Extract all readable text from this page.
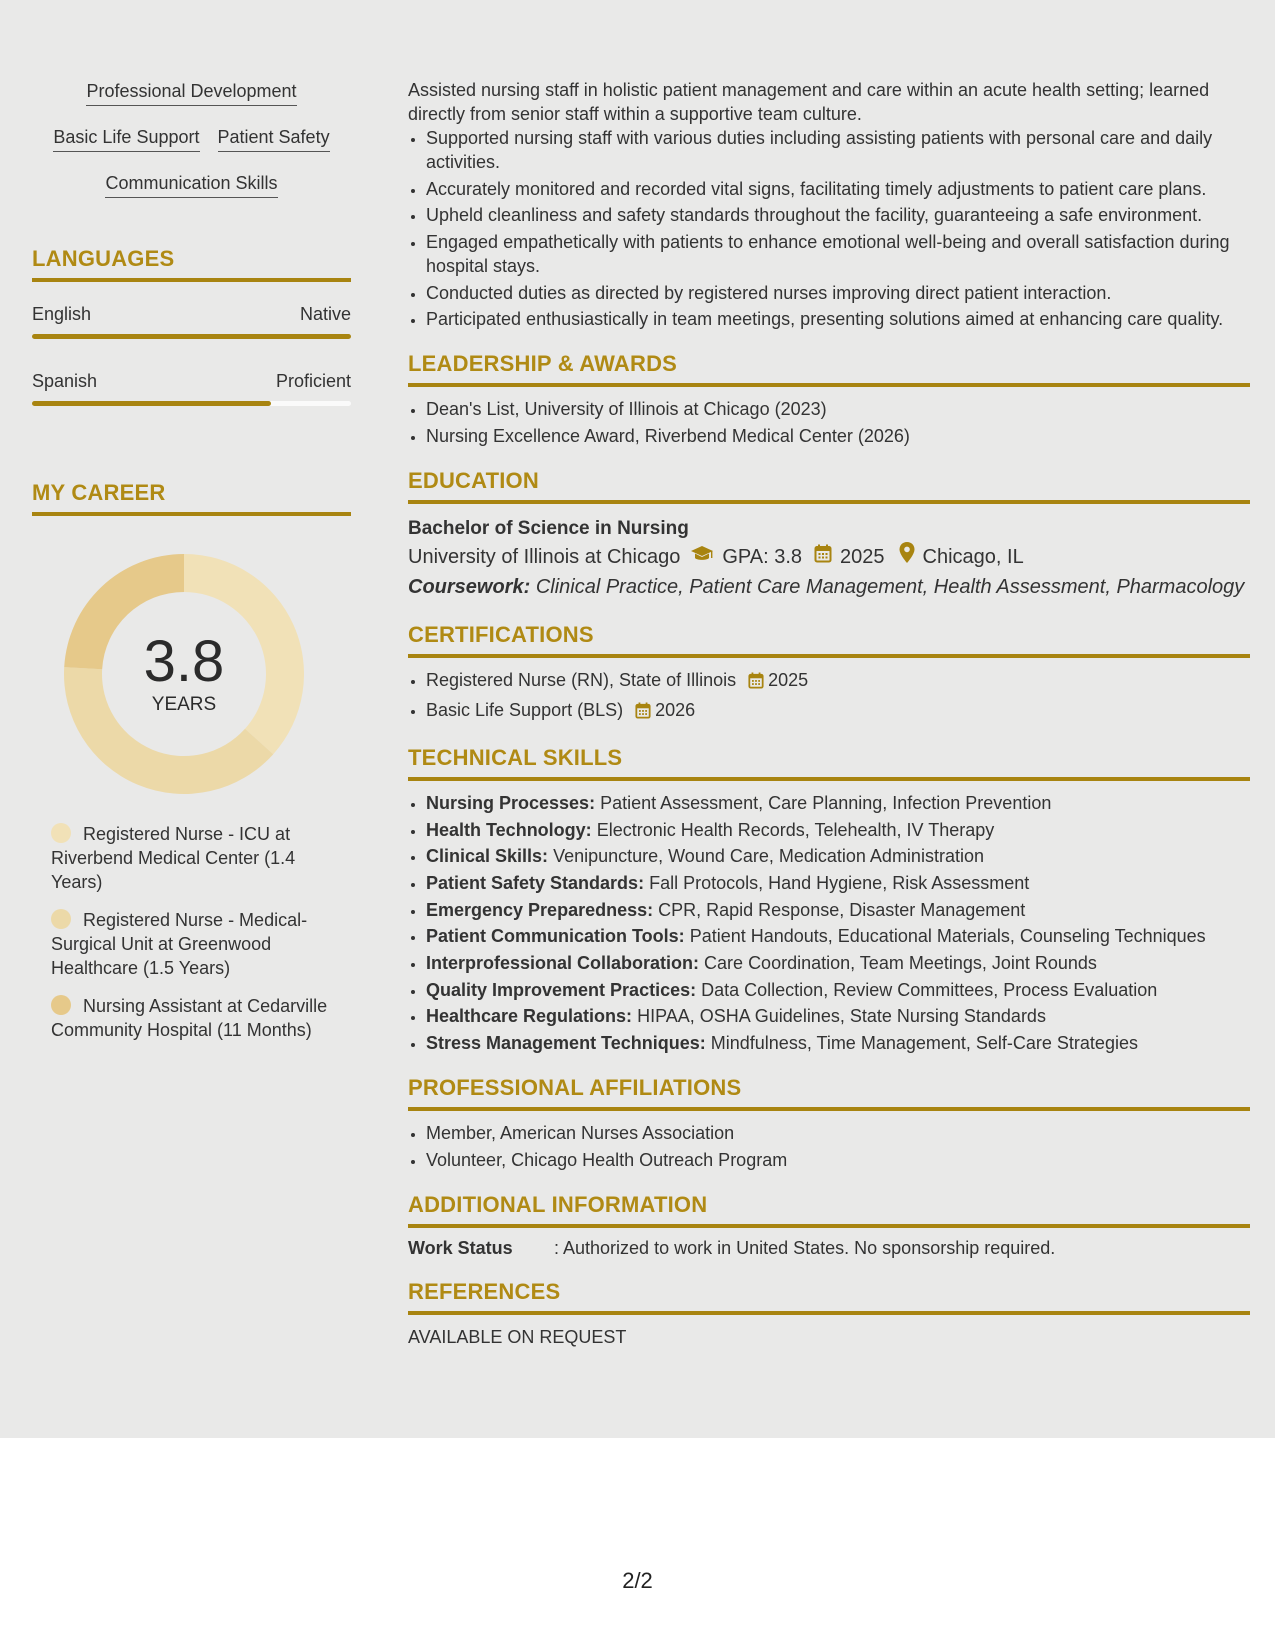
Professional Development
Basic Life Support Patient Safety
Communication Skills
LANGUAGES
English	Native
Spanish	Proficient
MY CAREER
3.8
YEARS
Registered Nurse - ICU at Riverbend Medical Center (1.4 Years)
Registered Nurse - Medical-Surgical Unit at Greenwood Healthcare (1.5 Years)
Nursing Assistant at Cedarville Community Hospital (11 Months)

Assisted nursing staff in holistic patient management and care within an acute health setting; learned directly from senior staff within a supportive team culture.

• Supported nursing staff with various duties including assisting patients with personal care and daily activities.
• Accurately monitored and recorded vital signs, facilitating timely adjustments to patient care plans.
• Upheld cleanliness and safety standards throughout the facility, guaranteeing a safe environment.
• Engaged empathetically with patients to enhance emotional well-being and overall satisfaction during hospital stays.
• Conducted duties as directed by registered nurses improving direct patient interaction.
• Participated enthusiastically in team meetings, presenting solutions aimed at enhancing care quality.
LEADERSHIP & AWARDS
• Dean's List, University of Illinois at Chicago (2023)
• Nursing Excellence Award, Riverbend Medical Center (2026)
EDUCATION
Bachelor of Science in Nursing
University of Illinois at Chicago GPA: 3.8 2025 Chicago, IL
Coursework: Clinical Practice, Patient Care Management, Health Assessment, Pharmacology
CERTIFICATIONS
• Registered Nurse (RN), State of Illinois 2025
• Basic Life Support (BLS) 2026
TECHNICAL SKILLS
• Nursing Processes: Patient Assessment, Care Planning, Infection Prevention
• Health Technology: Electronic Health Records, Telehealth, IV Therapy
• Clinical Skills: Venipuncture, Wound Care, Medication Administration
• Patient Safety Standards: Fall Protocols, Hand Hygiene, Risk Assessment
• Emergency Preparedness: CPR, Rapid Response, Disaster Management
• Patient Communication Tools: Patient Handouts, Educational Materials, Counseling Techniques
• Interprofessional Collaboration: Care Coordination, Team Meetings, Joint Rounds
• Quality Improvement Practices: Data Collection, Review Committees, Process Evaluation
• Healthcare Regulations: HIPAA, OSHA Guidelines, State Nursing Standards
• Stress Management Techniques: Mindfulness, Time Management, Self-Care Strategies
PROFESSIONAL AFFILIATIONS
• Member, American Nurses Association
• Volunteer, Chicago Health Outreach Program
ADDITIONAL INFORMATION
Work Status	: Authorized to work in United States. No sponsorship required.
REFERENCES
AVAILABLE ON REQUEST
2/2
